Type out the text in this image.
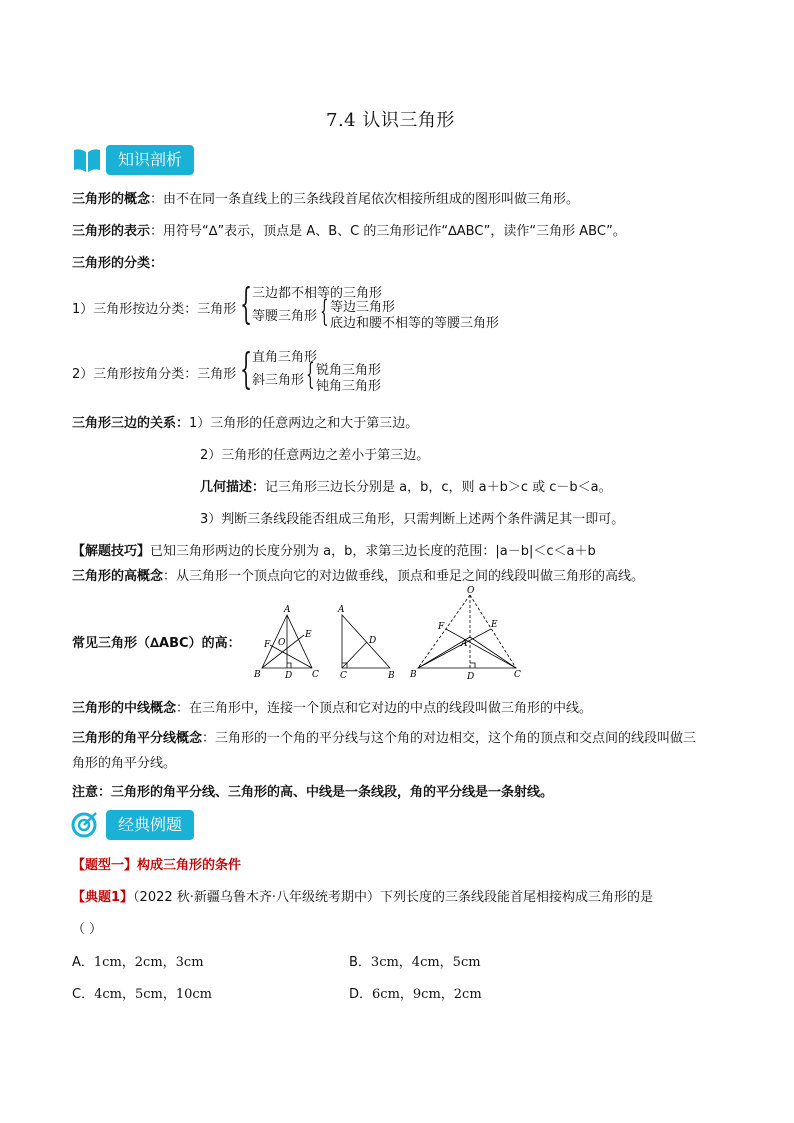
7.4 认识三角形
知识剖析
三角形的概念：由不在同一条直线上的三条线段首尾依次相接所组成的图形叫做三角形。
三角形的表示：用符号“∆”表示，顶点是 A、B、C 的三角形记作“∆ABC”，读作“三角形 ABC”。
三角形的分类：
1）三角形按边分类：三角形 { 三边都不相等的三角形
等腰三角形 { 等边三角形
底边和腰不相等的等腰三角形
2）三角形按角分类：三角形 { 直角三角形
斜三角形 { 锐角三角形
钝角三角形
三角形三边的关系：1）三角形的任意两边之和大于第三边。
2）三角形的任意两边之差小于第三边。
几何描述：记三角形三边长分别是 a，b，c，则 a＋b＞c 或 c－b＜a。
3）判断三条线段能否组成三角形，只需判断上述两个条件满足其一即可。
【解题技巧】已知三角形两边的长度分别为 a，b，求第三边长度的范围：|a－b|＜c＜a＋b
三角形的高概念：从三角形一个顶点向它的对边做垂线，顶点和垂足之间的线段叫做三角形的高线。
常见三角形（∆ABC）的高：
A
B	C
D
E
F O
A
B
C
D
O
A
B	C
D
E
F
三角形的中线概念：在三角形中，连接一个顶点和它对边的中点的线段叫做三角形的中线。
三角形的角平分线概念：三角形的一个角的平分线与这个角的对边相交，这个角的顶点和交点间的线段叫做三
角形的角平分线。
注意：三角形的角平分线、三角形的高、中线是一条线段，角的平分线是一条射线。
经典例题
【题型一】构成三角形的条件
【典题1】（2022 秋·新疆乌鲁木齐·八年级统考期中）下列长度的三条线段能首尾相接构成三角形的是
（ ）
A．1cm，2cm，3cm	B．3cm，4cm，5cm
C．4cm，5cm，10cm	D．6cm，9cm，2cm
